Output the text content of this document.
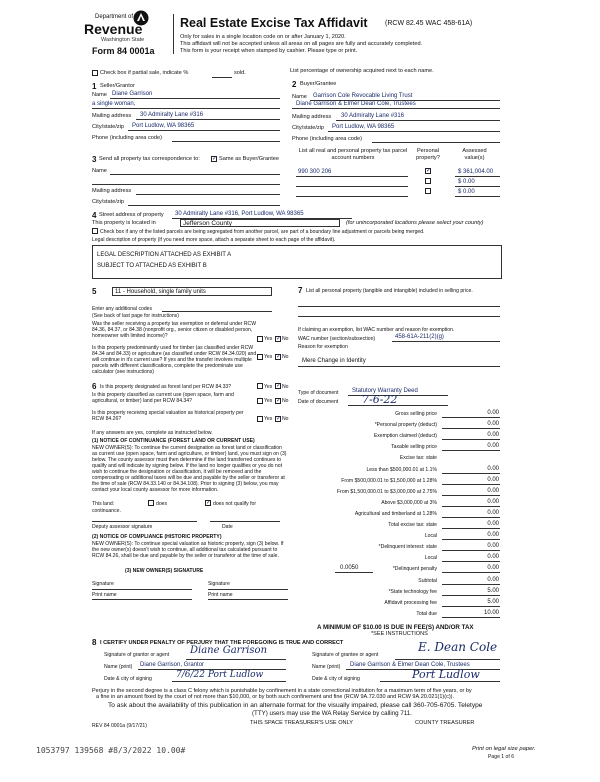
Department of
Revenue
Washington State
Form 84 0001a
Real Estate Excise Tax Affidavit (RCW 82.45 WAC 458-61A)
Only for sales in a single location code on or after January 1, 2020.
This affidavit will not be accepted unless all areas on all pages are fully and accurately completed.
This form is your receipt when stamped by cashier. Please type or print.
Check box if partial sale, indicate %	sold.	List percentage of ownership acquired next to each name.
1 Seller/Grantor
Name Diane Garrison
a single woman,
Mailing address 30 Admiralty Lane #316
City/state/zip Port Ludlow, WA 98365
Phone (including area code)
2 Buyer/Grantee
Name Garrison Cole Revocable Living Trust
Diane Garrison & Elmer Dean Cole, Trustees
Mailing address 30 Admiralty Lane #316
City/state/zip Port Ludlow, WA 98365
Phone (including area code)
3 Send all property tax correspondence to: ✓ Same as Buyer/Grantee
Name
Mailing address
City/state/zip
List all real and personal property tax parcel account numbers
Personal property?
Assessed value(s)
990 300 206	✓	$ 361,004.00
$ 0.00
$ 0.00
4 Street address of property 30 Admiralty Lane #316, Port Ludlow, WA 98365
This property is located in	Jefferson County	(for unincorporated locations please select your county)
Check box if any of the listed parcels are being segregated from another parcel, are part of a boundary line adjustment or parcels being merged.
Legal description of property (if you need more space, attach a separate sheet to each page of the affidavit).
LEGAL DESCRIPTION ATTACHED AS EXHIBIT A
SUBJECT TO ATTACHED AS EXHIBIT B
5	11 - Household, single family units
Enter any additional codes
(See back of last page for instructions)
Was the seller receiving a property tax exemption or deferral under RCW 84.36, 84.37, or 84.38 (nonprofit org., senior citizen or disabled person, homeowner with limited income)?	Yes ✓ No
Is this property predominantly used for timber (as classified under RCW 84.34 and 84.33) or agriculture (as classified under RCW 84.34.020) and will continue in it's current use? If yes and the transfer involves multiple parcels with different classifications, complete the predominate use calculator (see instructions)
Yes ✓ No
6 Is this property designated as forest land per RCW 84.33?	Yes ✓ No
Is this property classified as current use (open space, farm and agricultural, or timber) land per RCW 84.34?	Yes ✓ No
Is this property receiving special valuation as historical property per RCW 84.26?	Yes ✓ No
If any answers are yes, complete as instructed below.
(1) NOTICE OF CONTINUANCE (FOREST LAND OR CURRENT USE)
NEW OWNER(S): To continue the current designation as forest land or classification as current use (open space, farm and agriculture, or timber) land, you must sign on (3) below. The county assessor must then determine if the land transferred continues to qualify and will indicate by signing below. If the land no longer qualifies or you do not wish to continue the designation or classification, it will be removed and the compensating or additional taxes will be due and payable by the seller or transferor at the time of sale (RCW 84.33.140 or 84.34.108). Prior to signing (3) below, you may contact your local county assessor for more information.
This land:	does	✓ does not qualify for
continuance.
Deputy assessor signature	Date
(2) NOTICE OF COMPLIANCE (HISTORIC PROPERTY)
NEW OWNER(S): To continue special valuation as historic property, sign (3) below. If the new owner(s) doesn't wish to continue, all additional tax calculated pursuant to RCW 84.26, shall be due and payable by the seller or transferor at the time of sale.
(3) NEW OWNER(S) SIGNATURE
Signature	Signature
Print name	Print name
7 List all personal property (tangible and intangible) included in selling price.
If claiming an exemption, list WAC number and reason for exemption.
WAC number (section/subsection)	458-61A-211(2)(g)
Reason for exemption
Mere Change in Identity
Type of document Statutory Warranty Deed
Date of document 7-6-22
Gross selling price	0.00
*Personal property (deduct)	0.00
Exemption claimed (deduct)	0.00
Taxable selling price	0.00
Excise tax: state
Less than $500,000.01 at 1.1%	0.00
From $500,000.01 to $1,500,000 at 1.28%	0.00
From $1,500,000.01 to $3,000,000 at 2.75%	0.00
Above $3,000,000 at 3%	0.00
Agricultural and timberland at 1.28%	0.00
Total excise tax: state	0.00
Local	0.00
*Delinquent interest: state	0.00
Local	0.00
*Delinquent penalty	0.00
Subtotal	0.00
*State technology fee	5.00
Affidavit processing fee	5.00
Total due	10.00
0.0050
A MINIMUM OF $10.00 IS DUE IN FEE(S) AND/OR TAX
*SEE INSTRUCTIONS
8 I CERTIFY UNDER PENALTY OF PERJURY THAT THE FOREGOING IS TRUE AND CORRECT
Signature of grantor or agent Diane Garrison	Signature of grantee or agent
E. Dean Cole
Name (print) Diane Garrison, Grantor	Name (print) Diane Garrison & Elmer Dean Cole, Trustees
Date & city of signing	7/6/22 Port Ludlow	Date & city of signing	Port Ludlow
Perjury in the second degree is a class C felony which is punishable by confinement in a state correctional institution for a maximum term of five years, or by
a fine in an amount fixed by the court of not more than $10,000, or by both such confinement and fine (RCW 9A.72.030 and RCW 9A.20.021(1)(c)).
To ask about the availability of this publication in an alternate format for the visually impaired, please call 360-705-6705. Teletype
(TTY) users may use the WA Relay Service by calling 711.
REV 84 0001a (9/17/21)	THIS SPACE TREASURER'S USE ONLY	COUNTY TREASURER
1053797 139568 #8/3/2022 10.00#	Print on legal size paper.
Page 1 of 6
